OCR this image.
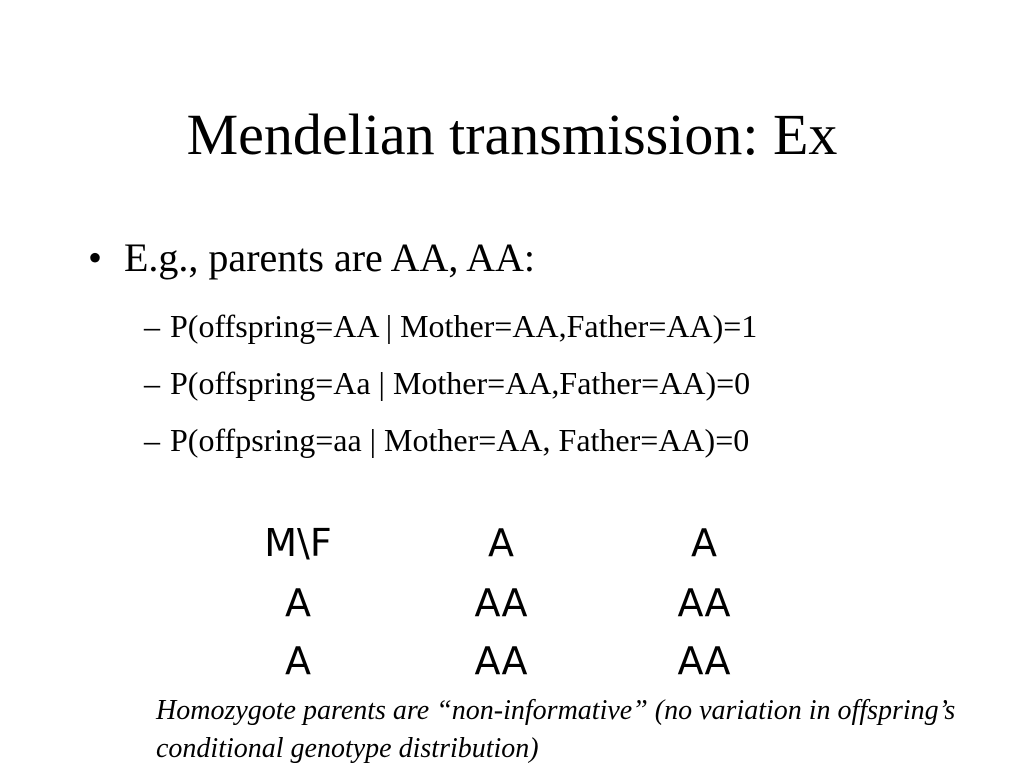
Mendelian transmission: Ex
• E.g., parents are AA, AA:
– P(offspring=AA | Mother=AA,Father=AA)=1
– P(offspring=Aa | Mother=AA,Father=AA)=0
– P(offpsring=aa | Mother=AA, Father=AA)=0
M\F	A	A
A	AA	AA
A	AA	AA
Homozygote parents are “non-informative” (no variation in offspring’s conditional genotype distribution)
